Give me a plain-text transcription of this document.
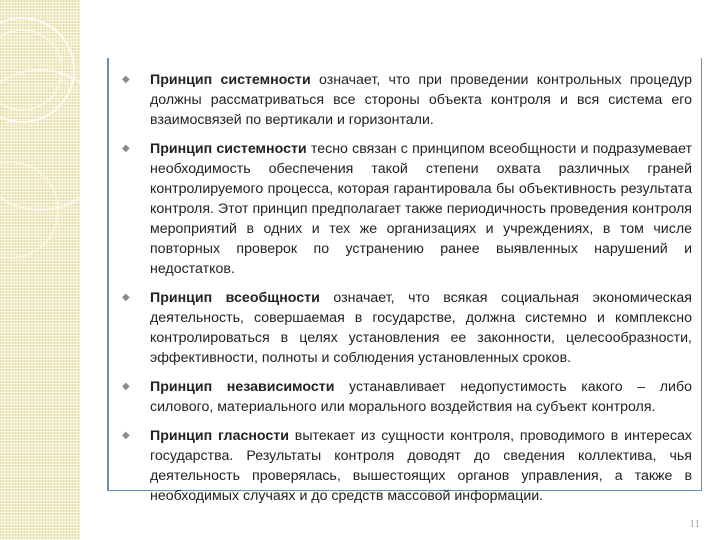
◆ Принцип системности означает, что при проведении контрольных процедур должны рассматриваться все стороны объекта контроля и вся система его взаимосвязей по вертикали и горизонтали.

◆ Принцип системности тесно связан с принципом всеобщности и подразумевает необходимость обеспечения такой степени охвата различных граней контролируемого процесса, которая гарантировала бы объективность результата контроля. Этот принцип предполагает также периодичность проведения контроля мероприятий в одних и тех же организациях и учреждениях, в том числе повторных проверок по устранению ранее выявленных нарушений и недостатков.

◆ Принцип всеобщности означает, что всякая социальная экономическая деятельность, совершаемая в государстве, должна системно и комплексно контролироваться в целях установления ее законности, целесообразности, эффективности, полноты и соблюдения установленных сроков.

◆ Принцип независимости устанавливает недопустимость какого – либо силового, материального или морального воздействия на субъект контроля.

◆ Принцип гласности вытекает из сущности контроля, проводимого в интересах государства. Результаты контроля доводят до сведения коллектива, чья деятельность проверялась, вышестоящих органов управления, а также в необходимых случаях и до средств массовой информации.

11
